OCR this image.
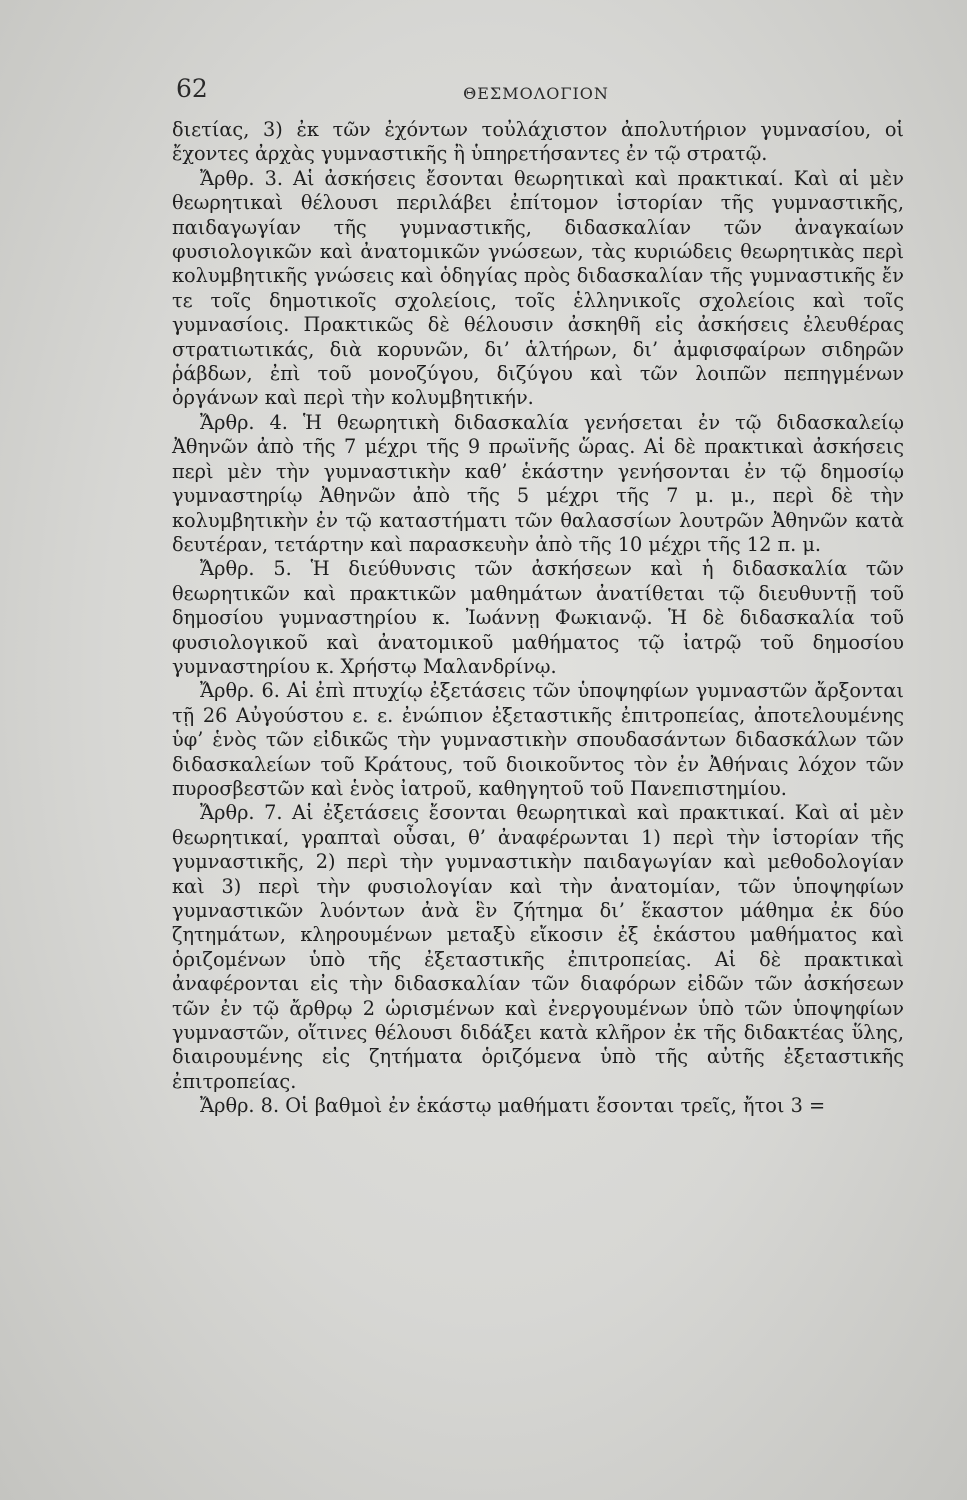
62	ΘΕΣΜΟΛΟΓΙΟΝ

διετίας, 3) ἐκ τῶν ἐχόντων τοὐλάχιστον ἀπολυτήριον γυμνασίου, οἱ ἔχοντες ἀρχὰς γυμναστικῆς ἢ ὑπηρετήσαντες ἐν τῷ στρατῷ.

Ἄρθρ. 3. Αἱ ἀσκήσεις ἔσονται θεωρητικαὶ καὶ πρακτικαί. Καὶ αἱ μὲν θεωρητικαὶ θέλουσι περιλάβει ἐπίτομον ἱστορίαν τῆς γυμναστικῆς, παιδαγωγίαν τῆς γυμναστικῆς, διδασκαλίαν τῶν ἀναγκαίων φυσιολογικῶν καὶ ἀνατομικῶν γνώσεων, τὰς κυριώδεις θεωρητικὰς περὶ κολυμβητικῆς γνώσεις καὶ ὁδηγίας πρὸς διδασκαλίαν τῆς γυμναστικῆς ἔν τε τοῖς δημοτικοῖς σχολείοις, τοῖς ἑλληνικοῖς σχολείοις καὶ τοῖς γυμνασίοις. Πρακτικῶς δὲ θέλουσιν ἀσκηθῆ εἰς ἀσκήσεις ἐλευθέρας στρατιωτικάς, διὰ κορυνῶν, δι’ ἁλτήρων, δι’ ἀμφισφαίρων σιδηρῶν ῥάβδων, ἐπὶ τοῦ μονοζύγου, διζύγου καὶ τῶν λοιπῶν πεπηγμένων ὀργάνων καὶ περὶ τὴν κολυμβητικήν.

Ἄρθρ. 4. Ἡ θεωρητικὴ διδασκαλία γενήσεται ἐν τῷ διδασκαλείῳ Ἀθηνῶν ἀπὸ τῆς 7 μέχρι τῆς 9 πρωϊνῆς ὥρας. Αἱ δὲ πρακτικαὶ ἀσκήσεις περὶ μὲν τὴν γυμναστικὴν καθ’ ἑκάστην γενήσονται ἐν τῷ δημοσίῳ γυμναστηρίῳ Ἀθηνῶν ἀπὸ τῆς 5 μέχρι τῆς 7 μ. μ., περὶ δὲ τὴν κολυμβητικὴν ἐν τῷ καταστήματι τῶν θαλασσίων λουτρῶν Ἀθηνῶν κατὰ δευτέραν, τετάρτην καὶ παρασκευὴν ἀπὸ τῆς 10 μέχρι τῆς 12 π. μ.

Ἄρθρ. 5. Ἡ διεύθυνσις τῶν ἀσκήσεων καὶ ἡ διδασκαλία τῶν θεωρητικῶν καὶ πρακτικῶν μαθημάτων ἀνατίθεται τῷ διευθυντῇ τοῦ δημοσίου γυμναστηρίου κ. Ἰωάννῃ Φωκιανῷ. Ἡ δὲ διδασκαλία τοῦ φυσιολογικοῦ καὶ ἀνατομικοῦ μαθήματος τῷ ἰατρῷ τοῦ δημοσίου γυμναστηρίου κ. Χρήστῳ Μαλανδρίνῳ.

Ἄρθρ. 6. Αἱ ἐπὶ πτυχίῳ ἐξετάσεις τῶν ὑποψηφίων γυμναστῶν ἄρξονται τῇ 26 Αὐγούστου ε. ε. ἐνώπιον ἐξεταστικῆς ἐπιτροπείας, ἀποτελουμένης ὑφ’ ἑνὸς τῶν εἰδικῶς τὴν γυμναστικὴν σπουδασάντων διδασκάλων τῶν διδασκαλείων τοῦ Κράτους, τοῦ διοικοῦντος τὸν ἐν Ἀθήναις λόχον τῶν πυροσβεστῶν καὶ ἑνὸς ἰατροῦ, καθηγητοῦ τοῦ Πανεπιστημίου.

Ἄρθρ. 7. Αἱ ἐξετάσεις ἔσονται θεωρητικαὶ καὶ πρακτικαί. Καὶ αἱ μὲν θεωρητικαί, γραπταὶ οὖσαι, θ’ ἀναφέρωνται 1) περὶ τὴν ἱστορίαν τῆς γυμναστικῆς, 2) περὶ τὴν γυμναστικὴν παιδαγωγίαν καὶ μεθοδολογίαν καὶ 3) περὶ τὴν φυσιολογίαν καὶ τὴν ἀνατομίαν, τῶν ὑποψηφίων γυμναστικῶν λυόντων ἀνὰ ἓν ζήτημα δι’ ἕκαστον μάθημα ἐκ δύο ζητημάτων, κληρουμένων μεταξὺ εἴκοσιν ἐξ ἑκάστου μαθήματος καὶ ὁριζομένων ὑπὸ τῆς ἐξεταστικῆς ἐπιτροπείας. Αἱ δὲ πρακτικαὶ ἀναφέρονται εἰς τὴν διδασκαλίαν τῶν διαφόρων εἰδῶν τῶν ἀσκήσεων τῶν ἐν τῷ ἄρθρῳ 2 ὡρισμένων καὶ ἐνεργουμένων ὑπὸ τῶν ὑποψηφίων γυμναστῶν, οἵτινες θέλουσι διδάξει κατὰ κλῆρον ἐκ τῆς διδακτέας ὕλης, διαιρουμένης εἰς ζητήματα ὁριζόμενα ὑπὸ τῆς αὐτῆς ἐξεταστικῆς ἐπιτροπείας.

Ἄρθρ. 8. Οἱ βαθμοὶ ἐν ἑκάστῳ μαθήματι ἔσονται τρεῖς, ἤτοι 3 =
